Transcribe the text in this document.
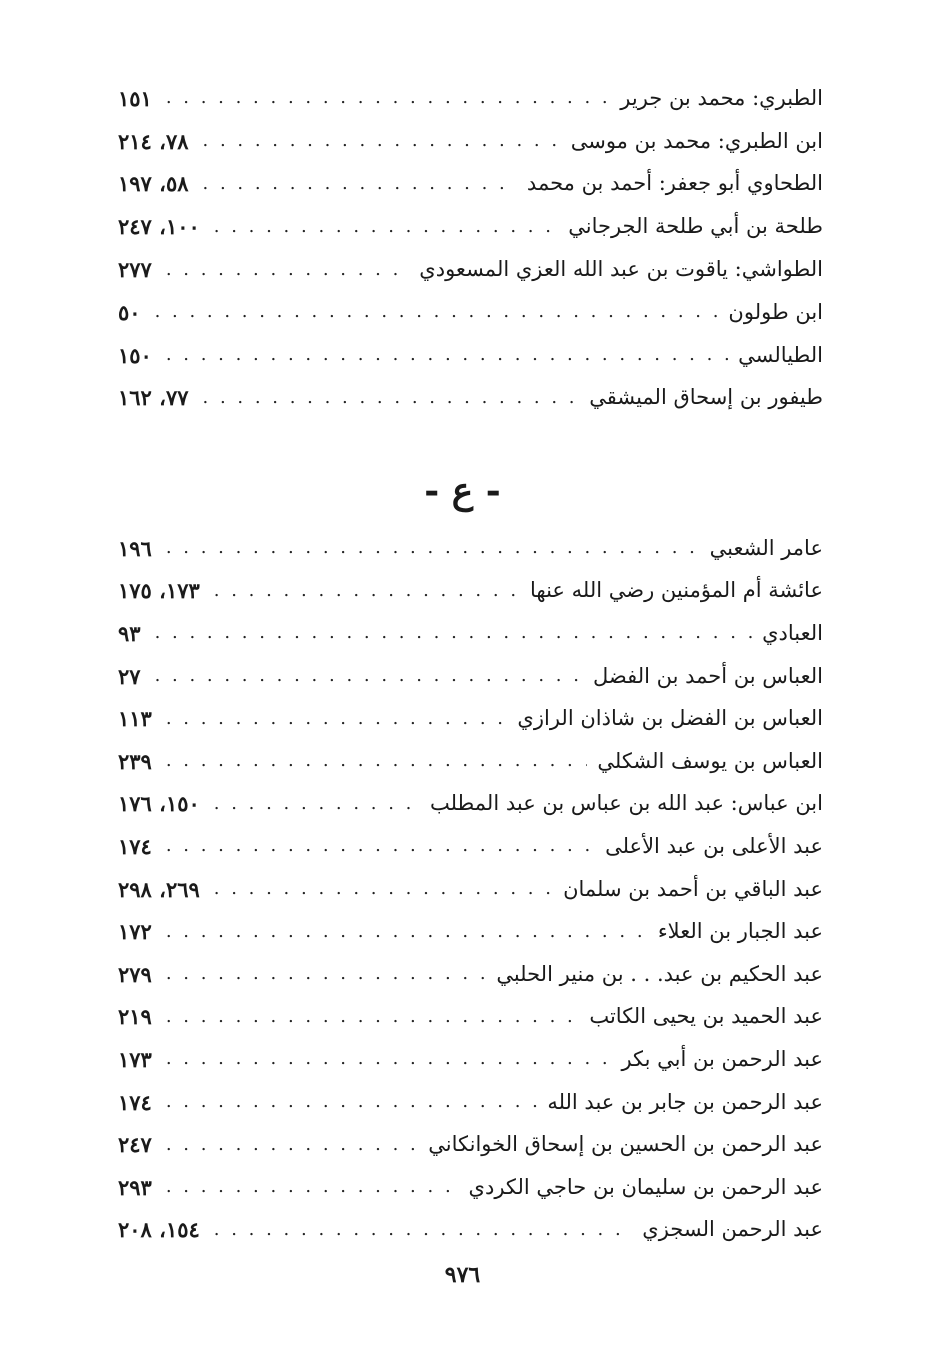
الطبري: محمد بن جرير
. . .
١٥١
ابن الطبري: محمد بن موسى
. . .
٧٨، ٢١٤
الطحاوي أبو جعفر: أحمد بن محمد
. . .
٥٨، ١٩٧
طلحة بن أبي طلحة الجرجاني
. . .
١٠٠، ٢٤٧
الطواشي: ياقوت بن عبد الله العزي المسعودي
. . .
٢٧٧
ابن طولون
. . .
٥٠
الطيالسي
. . .
١٥٠
طيفور بن إسحاق الميشقي
. . .
٧٧، ١٦٢
- ع -
عامر الشعبي
. . .
١٩٦
عائشة أم المؤمنين رضي الله عنها
. . .
١٧٣، ١٧٥
العبادي
. . .
٩٣
العباس بن أحمد بن الفضل
. . .
٢٧
العباس بن الفضل بن شاذان الرازي
. . .
١١٣
العباس بن يوسف الشكلي
. . .
٢٣٩
ابن عباس: عبد الله بن عباس بن عبد المطلب
. . .
١٥٠، ١٧٦
عبد الأعلى بن عبد الأعلى
. . .
١٧٤
عبد الباقي بن أحمد بن سلمان
. . .
٢٦٩، ٢٩٨
عبد الجبار بن العلاء
. . .
١٧٢
عبد الحكيم بن عبد. . . بن منير الحلبي
. . .
٢٧٩
عبد الحميد بن يحيى الكاتب
. . .
٢١٩
عبد الرحمن بن أبي بكر
. . .
١٧٣
عبد الرحمن بن جابر بن عبد الله
. . .
١٧٤
عبد الرحمن بن الحسين بن إسحاق الخوانكاني
. . .
٢٤٧
عبد الرحمن بن سليمان بن حاجي الكردي
. . .
٢٩٣
عبد الرحمن السجزي
. . .
١٥٤، ٢٠٨
٩٧٦
